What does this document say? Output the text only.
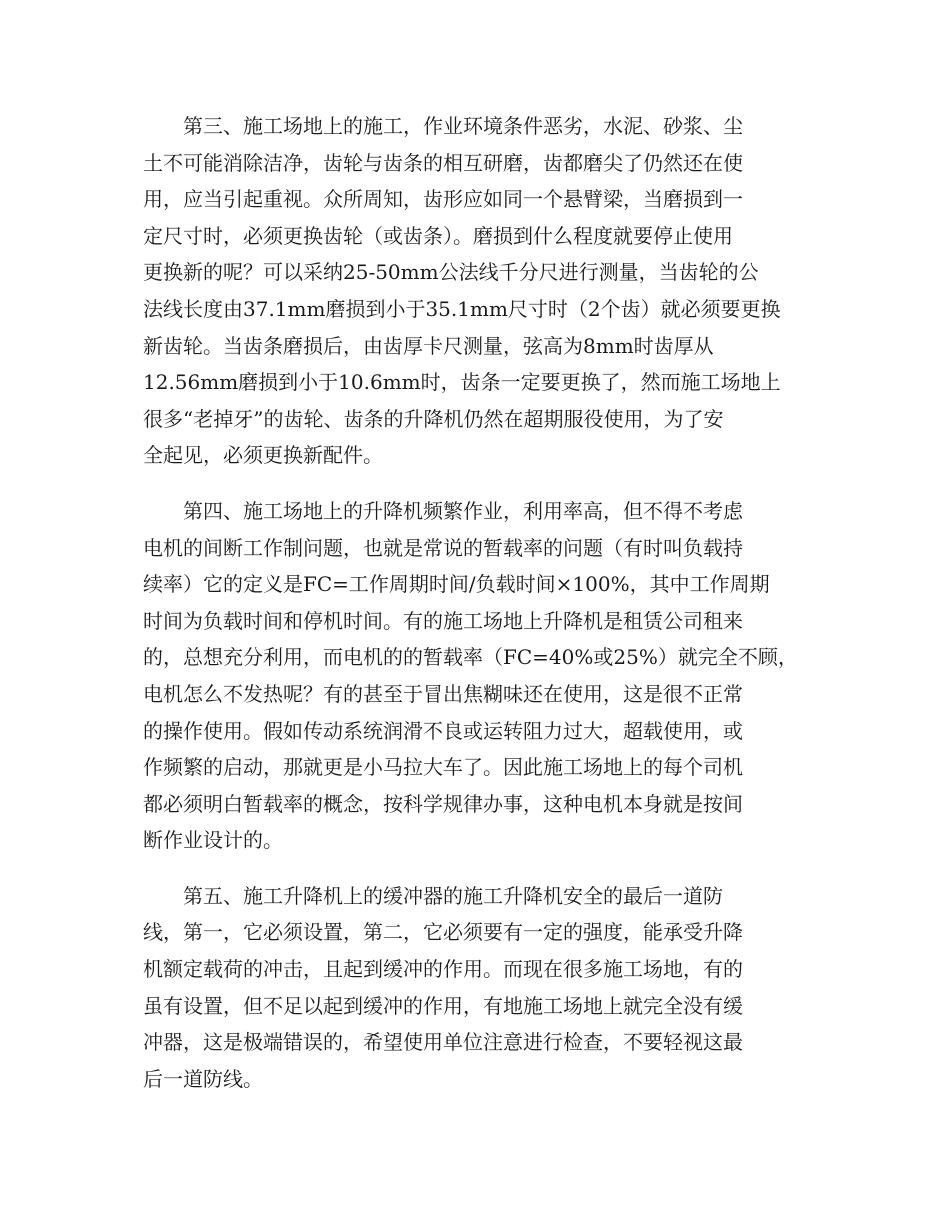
第三、施工场地上的施工，作业环境条件恶劣，水泥、砂浆、尘
土不可能消除洁净，齿轮与齿条的相互研磨，齿都磨尖了仍然还在使
用，应当引起重视。众所周知，齿形应如同一个悬臂梁，当磨损到一
定尺寸时，必须更换齿轮（或齿条）。磨损到什么程度就要停止使用
更换新的呢？可以采纳25-50mm公法线千分尺进行测量，当齿轮的公
法线长度由37.1mm磨损到小于35.1mm尺寸时（2个齿）就必须要更换
新齿轮。当齿条磨损后，由齿厚卡尺测量，弦高为8mm时齿厚从
12.56mm磨损到小于10.6mm时，齿条一定要更换了，然而施工场地上
很多“老掉牙”的齿轮、齿条的升降机仍然在超期服役使用，为了安
全起见，必须更换新配件。

第四、施工场地上的升降机频繁作业，利用率高，但不得不考虑
电机的间断工作制问题，也就是常说的暂载率的问题（有时叫负载持
续率）它的定义是FC=工作周期时间/负载时间×100%，其中工作周期
时间为负载时间和停机时间。有的施工场地上升降机是租赁公司租来
的，总想充分利用，而电机的的暂载率（FC=40%或25%）就完全不顾，
电机怎么不发热呢？有的甚至于冒出焦糊味还在使用，这是很不正常
的操作使用。假如传动系统润滑不良或运转阻力过大，超载使用，或
作频繁的启动，那就更是小马拉大车了。因此施工场地上的每个司机
都必须明白暂载率的概念，按科学规律办事，这种电机本身就是按间
断作业设计的。

第五、施工升降机上的缓冲器的施工升降机安全的最后一道防
线，第一，它必须设置，第二，它必须要有一定的强度，能承受升降
机额定载荷的冲击，且起到缓冲的作用。而现在很多施工场地，有的
虽有设置，但不足以起到缓冲的作用，有地施工场地上就完全没有缓
冲器，这是极端错误的，希望使用单位注意进行检查，不要轻视这最
后一道防线。
